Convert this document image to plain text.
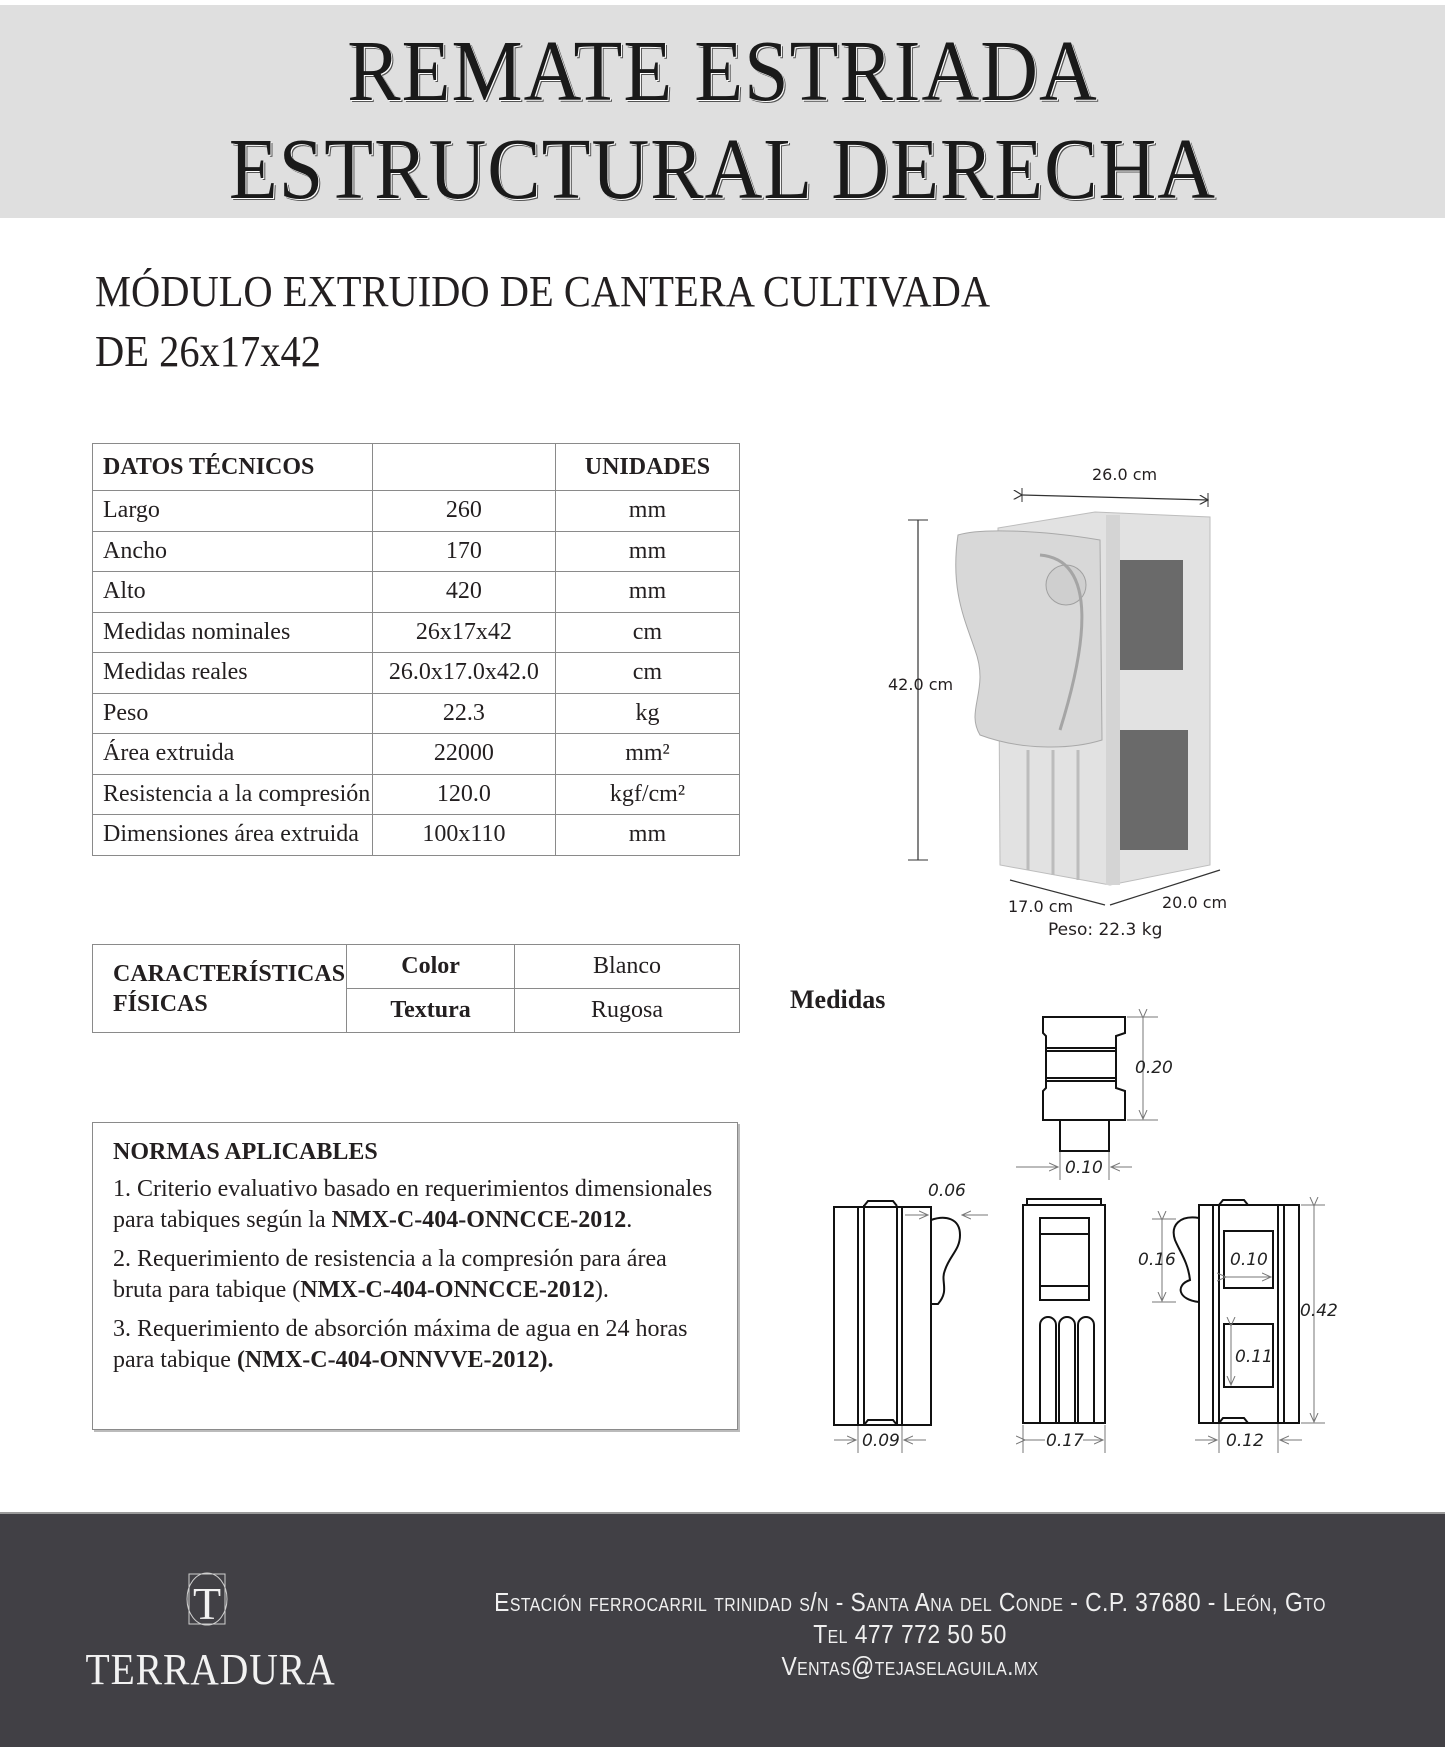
REMATE ESTRIADA
ESTRUCTURAL DERECHA
MÓDULO EXTRUIDO DE CANTERA CULTIVADA
DE 26x17x42
DATOS TÉCNICOS		UNIDADES
Largo	260	mm
Ancho	170	mm
Alto	420	mm
Medidas nominales	26x17x42	cm
Medidas reales	26.0x17.0x42.0	cm
Peso	22.3	kg
Área extruida	22000	mm²
Resistencia a la compresión	120.0	kgf/cm²
Dimensiones área extruida	100x110	mm
26.0 cm
42.0 cm
17.0 cm	20.0 cm
Peso: 22.3 kg
CARACTERÍSTICAS
FÍSICAS	Color	Blanco
	Textura	Rugosa
NORMAS APLICABLES

1. Criterio evaluativo basado en requerimientos dimensionales para tabiques según la NMX-C-404-ONNCCE-2012.

2. Requerimiento de resistencia a la compresión para área bruta para tabique (NMX-C-404-ONNCCE-2012).

3. Requerimiento de absorción máxima de agua en 24 horas para tabique (NMX-C-404-ONNVVE-2012).

Medidas
0.20
0.10
0.06
0.09	0.17
0.16	0.10
0.11
0.12
0.42
T
TERRADURA
Estación ferrocarril trinidad s/n - Santa Ana del Conde - C.P. 37680 - León, Gto
Tel 477 772 50 50
Ventas@tejaselaguila.mx
